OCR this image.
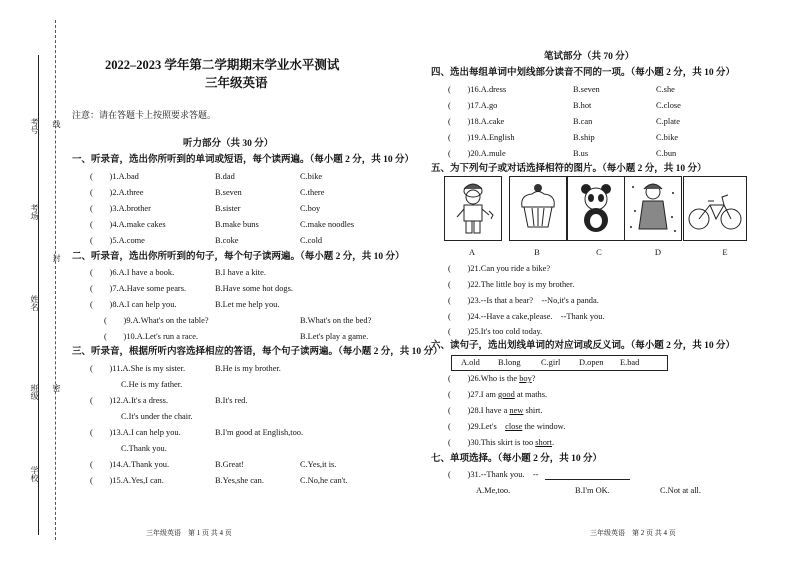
考号 线
考场
封
姓名
班级 密
学校
2022–2023 学年第二学期期末学业水平测试
三年级英语
注意：请在答题卡上按照要求答题。
听力部分（共 30 分）
一、听录音，选出你所听到的单词或短语，每个读两遍。（每小题 2 分，共 10 分）
(　　)1.A.bad	B.dad	C.bike
(　　)2.A.three	B.seven	C.there
(　　)3.A.brother	B.sister	C.boy
(　　)4.A.make cakes	B.make buns	C.make noodles
(　　)5.A.come	B.coke	C.cold
二、听录音，选出你所听到的句子，每个句子读两遍。（每小题 2 分，共 10 分）
(　　)6.A.I have a book.	B.I have a kite.
(　　)7.A.Have some pears.	B.Have some hot dogs.
(　　)8.A.I can help you.	B.Let me help you.
(　　)9.A.What's on the table?	B.What's on the bed?
(　　)10.A.Let's run a race.	B.Let's play a game.
三、听录音，根据所听内容选择相应的答语，每个句子读两遍。（每小题 2 分，共 10 分）
(　　)11.A.She is my sister.	B.He is my brother.
C.He is my father.
(　　)12.A.It's a dress.	B.It's red.
C.It's under the chair.
(　　)13.A.I can help you.	B.I'm good at English,too.
C.Thank you.
(　　)14.A.Thank you.	B.Great!	C.Yes,it is.
(　　)15.A.Yes,I can.	B.Yes,she can.	C.No,he can't.
三年级英语　第 1 页 共 4 页
笔试部分（共 70 分）
四、选出每组单词中划线部分读音不同的一项。（每小题 2 分，共 10 分）
(　　)16.A.dress	B.seven	C.she
(　　)17.A.go	B.hot	C.close
(　　)18.A.cake	B.can	C.plate
(　　)19.A.English	B.ship	C.bike
(　　)20.A.mule	B.us	C.bun
五、为下列句子或对话选择相符的图片。（每小题 2 分，共 10 分）
A	B	C	D	E
(　　)21.Can you ride a bike?
(　　)22.The little boy is my brother.
(　　)23.--Is that a bear?　--No,it's a panda.
(　　)24.--Have a cake,please.　--Thank you.
(　　)25.It's too cold today.
六、读句子，选出划线单词的对应词或反义词。（每小题 2 分，共 10 分）
A.old B.long C.girl D.open E.bad
(　　)26.Who is the boy?
(　　)27.I am good at maths.
(　　)28.I have a new shirt.
(　　)29.Let's　close the window.
(　　)30.This skirt is too short.
七、单项选择。（每小题 2 分，共 10 分）
(　　)31.--Thank you.　--
A.Me,too.	B.I'm OK.	C.Not at all.
三年级英语　第 2 页 共 4 页
